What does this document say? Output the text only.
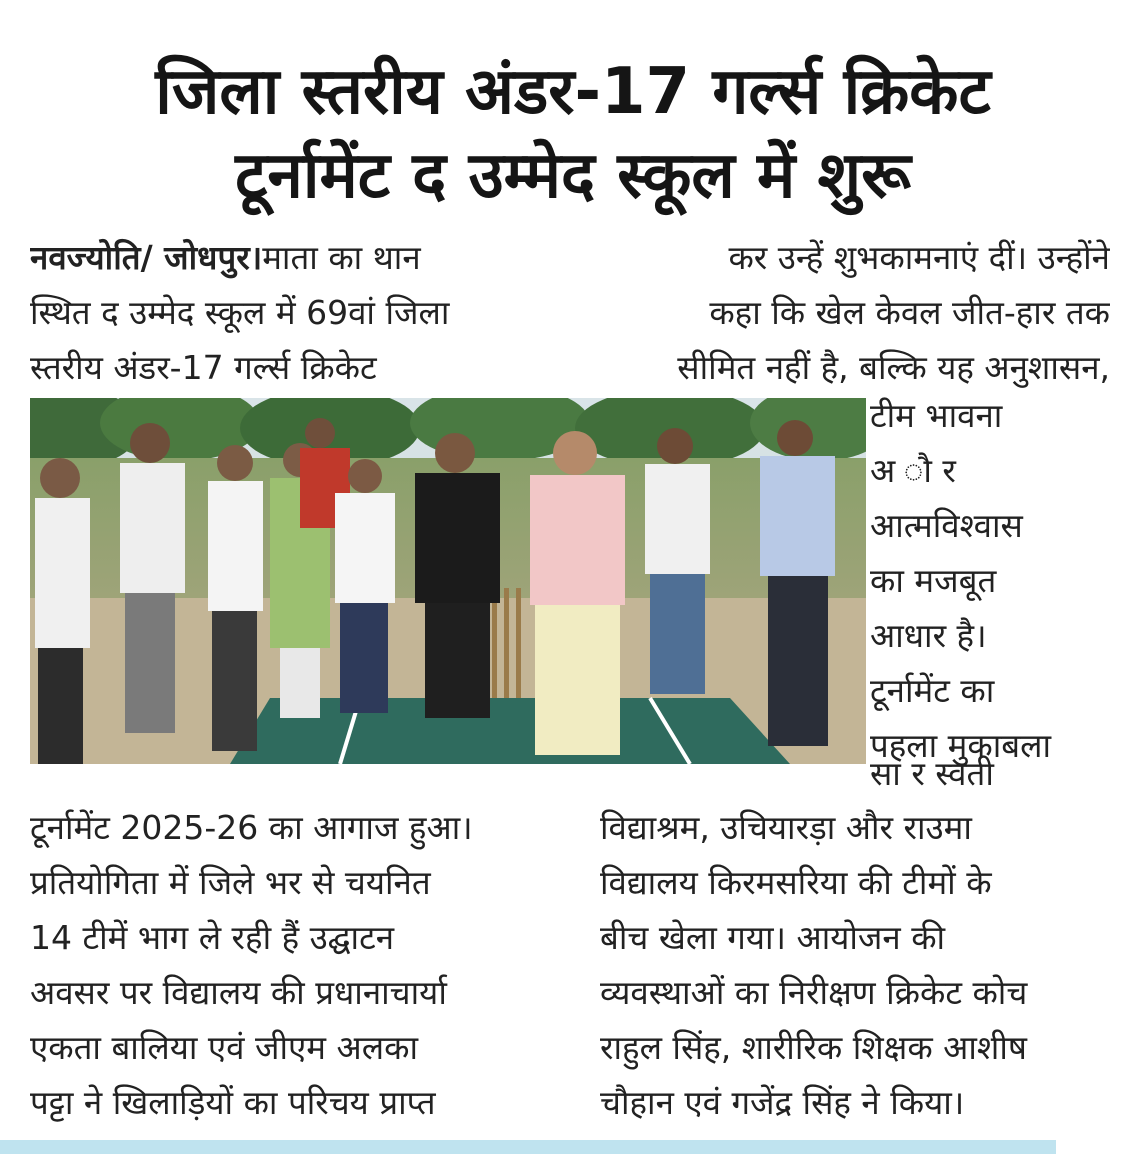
जिला स्तरीय अंडर-17 गर्ल्स क्रिकेट
टूर्नामेंट द उम्मेद स्कूल में शुरू
नवज्योति/ जोधपुर।माता का थान
स्थित द उम्मेद स्कूल में 69वां जिला
स्तरीय अंडर-17 गर्ल्स क्रिकेट
कर उन्हें शुभकामनाएं दीं। उन्होंने
कहा कि खेल केवल जीत-हार तक
सीमित नहीं है, बल्कि यह अनुशासन,
टीम भावना
अ ौ र
आत्मविश्वास
का मजबूत
आधार है।
टूर्नामेंट का
पहला मुकाबला
सा र स्वती
टूर्नामेंट 2025-26 का आगाज हुआ।
प्रतियोगिता में जिले भर से चयनित
14 टीमें भाग ले रही हैं उद्घाटन
अवसर पर विद्यालय की प्रधानाचार्या
एकता बालिया एवं जीएम अलका
पट्टा ने खिलाड़ियों का परिचय प्राप्त
विद्याश्रम, उचियारड़ा और राउमा
विद्यालय किरमसरिया की टीमों के
बीच खेला गया। आयोजन की
व्यवस्थाओं का निरीक्षण क्रिकेट कोच
राहुल सिंह, शारीरिक शिक्षक आशीष
चौहान एवं गजेंद्र सिंह ने किया।
